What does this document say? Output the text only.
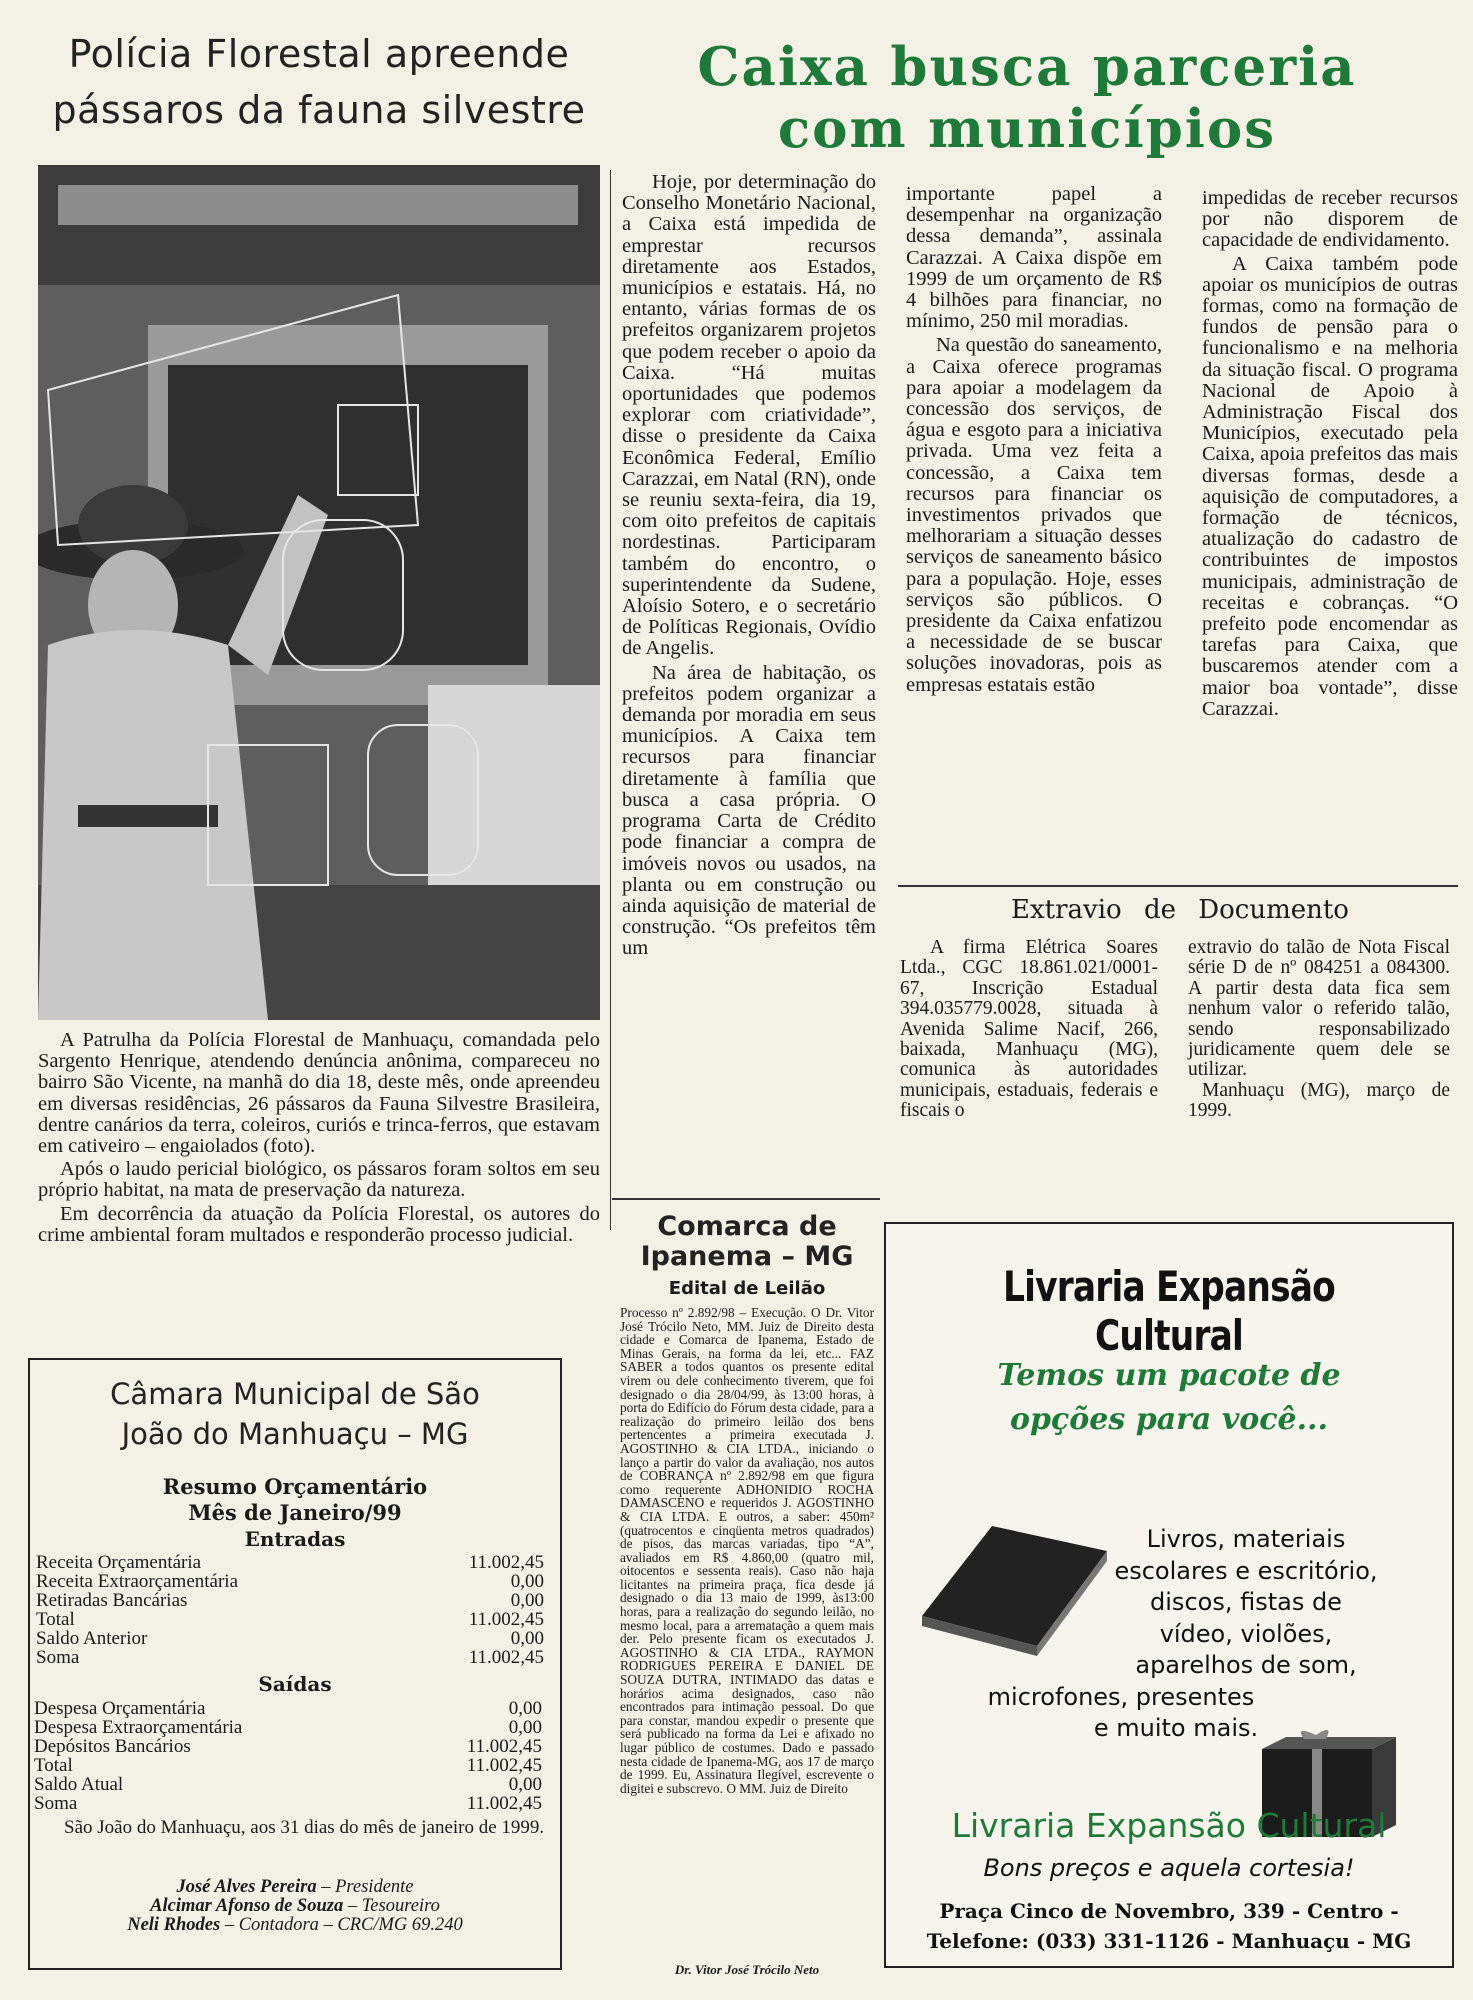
Polícia Florestal apreende
pássaros da fauna silvestre

A Patrulha da Polícia Florestal de Manhuaçu, comandada pelo Sargento Henrique, atendendo denúncia anônima, compareceu no bairro São Vicente, na manhã do dia 18, deste mês, onde apreendeu em diversas residências, 26 pássaros da Fauna Silvestre Brasileira, dentre canários da terra, coleiros, curiós e trinca-ferros, que estavam em cativeiro – engaiolados (foto).

Após o laudo pericial biológico, os pássaros foram soltos em seu próprio habitat, na mata de preservação da natureza.

Em decorrência da atuação da Polícia Florestal, os autores do crime ambiental foram multados e responderão processo judicial.

Câmara Municipal de São
João do Manhuaçu – MG
Resumo Orçamentário
Mês de Janeiro/99
Entradas
Receita Orçamentária	11.002,45
Receita Extraorçamentária	0,00
Retiradas Bancárias	0,00
Total	11.002,45
Saldo Anterior	0,00
Soma	11.002,45
Saídas
Despesa Orçamentária	0,00
Despesa Extraorçamentária	0,00
Depósitos Bancários	11.002,45
Total	11.002,45
Saldo Atual	0,00
Soma	11.002,45
São João do Manhuaçu, aos 31 dias do mês de janeiro de 1999.
José Alves Pereira – Presidente
Alcimar Afonso de Souza – Tesoureiro
Neli Rhodes – Contadora – CRC/MG 69.240
Caixa busca parceria
com municípios

Hoje, por determinação do Conselho Monetário Nacional, a Caixa está impedida de emprestar recursos diretamente aos Estados, municípios e estatais. Há, no entanto, várias formas de os prefeitos organizarem projetos que podem receber o apoio da Caixa. “Há muitas oportunidades que podemos explorar com criatividade”, disse o presidente da Caixa Econômica Federal, Emílio Carazzai, em Natal (RN), onde se reuniu sexta-feira, dia 19, com oito prefeitos de capitais nordestinas. Participaram também do encontro, o superintendente da Sudene, Aloísio Sotero, e o secretário de Políticas Regionais, Ovídio de Angelis.

Na área de habitação, os prefeitos podem organizar a demanda por moradia em seus municípios. A Caixa tem recursos para financiar diretamente à família que busca a casa própria. O programa Carta de Crédito pode financiar a compra de imóveis novos ou usados, na planta ou em construção ou ainda aquisição de material de construção. “Os prefeitos têm um

importante papel a desempenhar na organização dessa demanda”, assinala Carazzai. A Caixa dispõe em 1999 de um orçamento de R$ 4 bilhões para financiar, no mínimo, 250 mil moradias.

Na questão do saneamento, a Caixa oferece programas para apoiar a modelagem da concessão dos serviços, de água e esgoto para a iniciativa privada. Uma vez feita a concessão, a Caixa tem recursos para financiar os investimentos privados que melhorariam a situação desses serviços de saneamento básico para a população. Hoje, esses serviços são públicos. O presidente da Caixa enfatizou a necessidade de se buscar soluções inovadoras, pois as empresas estatais estão

impedidas de receber recursos por não disporem de capacidade de endividamento.

A Caixa também pode apoiar os municípios de outras formas, como na formação de fundos de pensão para o funcionalismo e na melhoria da situação fiscal. O programa Nacional de Apoio à Administração Fiscal dos Municípios, executado pela Caixa, apoia prefeitos das mais diversas formas, desde a aquisição de computadores, a formação de técnicos, atualização do cadastro de contribuintes de impostos municipais, administração de receitas e cobranças. “O prefeito pode encomendar as tarefas para Caixa, que buscaremos atender com a maior boa vontade”, disse Carazzai.

Extravio de Documento
A firma Elétrica Soares Ltda., CGC 18.861.021/0001-67, Inscrição Estadual 394.035779.0028, situada à Avenida Salime Nacif, 266, baixada, Manhuaçu (MG), comunica às autoridades municipais, estaduais, federais e fiscais o

extravio do talão de Nota Fiscal série D de nº 084251 a 084300. A partir desta data fica sem nenhum valor o referido talão, sendo responsabilizado juridicamente quem dele se utilizar.

Manhuaçu (MG), março de 1999.

Comarca de
Ipanema – MG
Edital de Leilão
Processo nº 2.892/98 – Execução. O Dr. Vitor José Trócilo Neto, MM. Juiz de Direito desta cidade e Comarca de Ipanema, Estado de Minas Gerais, na forma da lei, etc... FAZ SABER a todos quantos os presente edital virem ou dele conhecimento tiverem, que foi designado o dia 28/04/99, às 13:00 horas, à porta do Edifício do Fórum desta cidade, para a realização do primeiro leilão dos bens pertencentes a primeira executada J. AGOSTINHO & CIA LTDA., iniciando o lanço a partir do valor da avaliação, nos autos de COBRANÇA nº 2.892/98 em que figura como requerente ADHONIDIO ROCHA DAMASCENO e requeridos J. AGOSTINHO & CIA LTDA. E outros, a saber: 450m² (quatrocentos e cinqüenta metros quadrados) de pisos, das marcas variadas, tipo “A”, avaliados em R$ 4.860,00 (quatro mil, oitocentos e sessenta reais). Caso não haja licitantes na primeira praça, fica desde já designado o dia 13 maio de 1999, às13:00 horas, para a realização do segundo leilão, no mesmo local, para a arrematação a quem mais der. Pelo presente ficam os executados J. AGOSTINHO & CIA LTDA., RAYMON RODRIGUES PEREIRA E DANIEL DE SOUZA DUTRA, INTIMADO das datas e horários acima designados, caso não encontrados para intimação pessoal. Do que para constar, mandou expedir o presente que será publicado na forma da Lei e afixado no lugar público de costumes. Dado e passado nesta cidade de Ipanema-MG, aos 17 de março de 1999. Eu, Assinatura Ilegível, escrevente o digitei e subscrevo. O MM. Juiz de Direito
Dr. Vitor José Trócilo Neto
Livraria Expansão Cultural
Temos um pacote de
opções para você...
Livros, materiais
escolares e escritório,
discos, fistas de
vídeo, violões,
aparelhos de som,
microfones, presentes
e muito mais.
Livraria Expansão Cultural
Bons preços e aquela cortesia!
Praça Cinco de Novembro, 339 - Centro -
Telefone: (033) 331-1126 - Manhuaçu - MG
